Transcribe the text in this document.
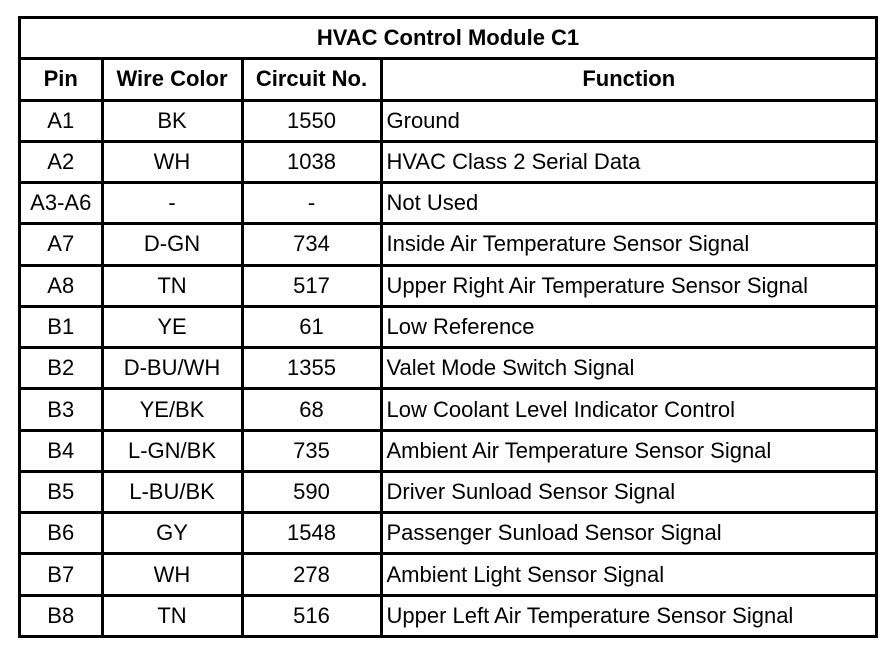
HVAC Control Module C1			
Pin	Wire Color	Circuit No.	Function
A1	BK	1550	Ground
A2	WH	1038	HVAC Class 2 Serial Data
A3-A6	-	-	Not Used
A7	D-GN	734	Inside Air Temperature Sensor Signal
A8	TN	517	Upper Right Air Temperature Sensor Signal
B1	YE	61	Low Reference
B2	D-BU/WH	1355	Valet Mode Switch Signal
B3	YE/BK	68	Low Coolant Level Indicator Control
B4	L-GN/BK	735	Ambient Air Temperature Sensor Signal
B5	L-BU/BK	590	Driver Sunload Sensor Signal
B6	GY	1548	Passenger Sunload Sensor Signal
B7	WH	278	Ambient Light Sensor Signal
B8	TN	516	Upper Left Air Temperature Sensor Signal
